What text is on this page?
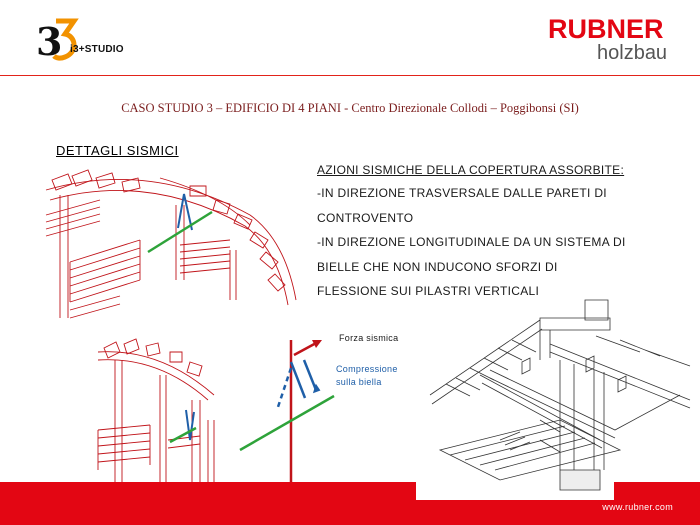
3 i3+STUDIO
RUBNER
holzbau
CASO STUDIO 3 – EDIFICIO DI 4 PIANI - Centro Direzionale Collodi – Poggibonsi (SI)
DETTAGLI SISMICI
AZIONI SISMICHE DELLA COPERTURA ASSORBITE:
-IN DIREZIONE TRASVERSALE DALLE PARETI DI
CONTROVENTO
-IN DIREZIONE LONGITUDINALE DA UN SISTEMA DI
BIELLE CHE NON INDUCONO SFORZI DI
FLESSIONE SUI PILASTRI VERTICALI
Forza sismica
Compressione
sulla biella
www.rubner.com
